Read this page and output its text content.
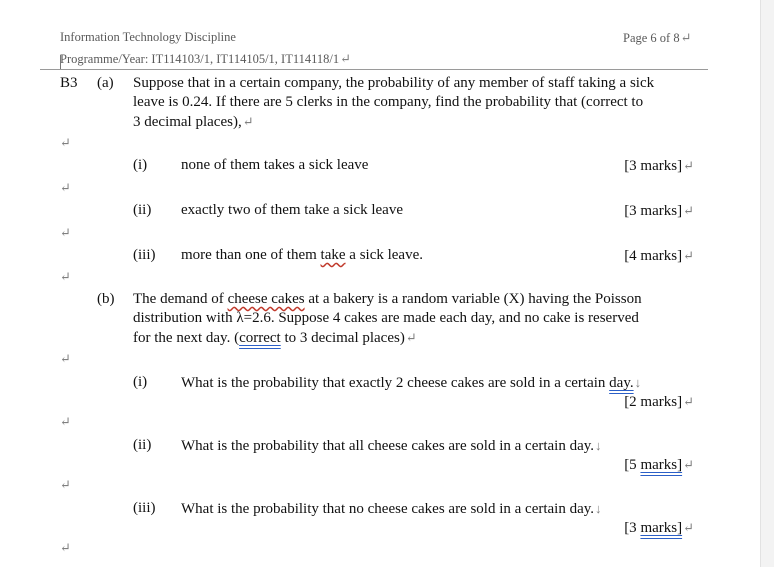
Information Technology Discipline	Page 6 of 8↵
Programme/Year: IT114103/1, IT114105/1, IT114118/1↵
B3 (a) Suppose that in a certain company, the probability of any member of staff taking a sick
leave is 0.24. If there are 5 clerks in the company, find the probability that (correct to
3 decimal places),↵
↵
(i) none of them takes a sick leave	[3 marks]↵
↵
(ii) exactly two of them take a sick leave	[3 marks]↵
↵
(iii) more than one of them take a sick leave.	[4 marks]↵
↵
(b) The demand of cheese cakes at a bakery is a random variable (X) having the Poisson
distribution with λ=2.6. Suppose 4 cakes are made each day, and no cake is reserved
for the next day. (correct to 3 decimal places)↵
↵
(i) What is the probability that exactly 2 cheese cakes are sold in a certain day.↓
[2 marks]↵
↵
(ii) What is the probability that all cheese cakes are sold in a certain day.↓
[5 marks]↵
↵
(iii) What is the probability that no cheese cakes are sold in a certain day.↓
[3 marks]↵
↵
